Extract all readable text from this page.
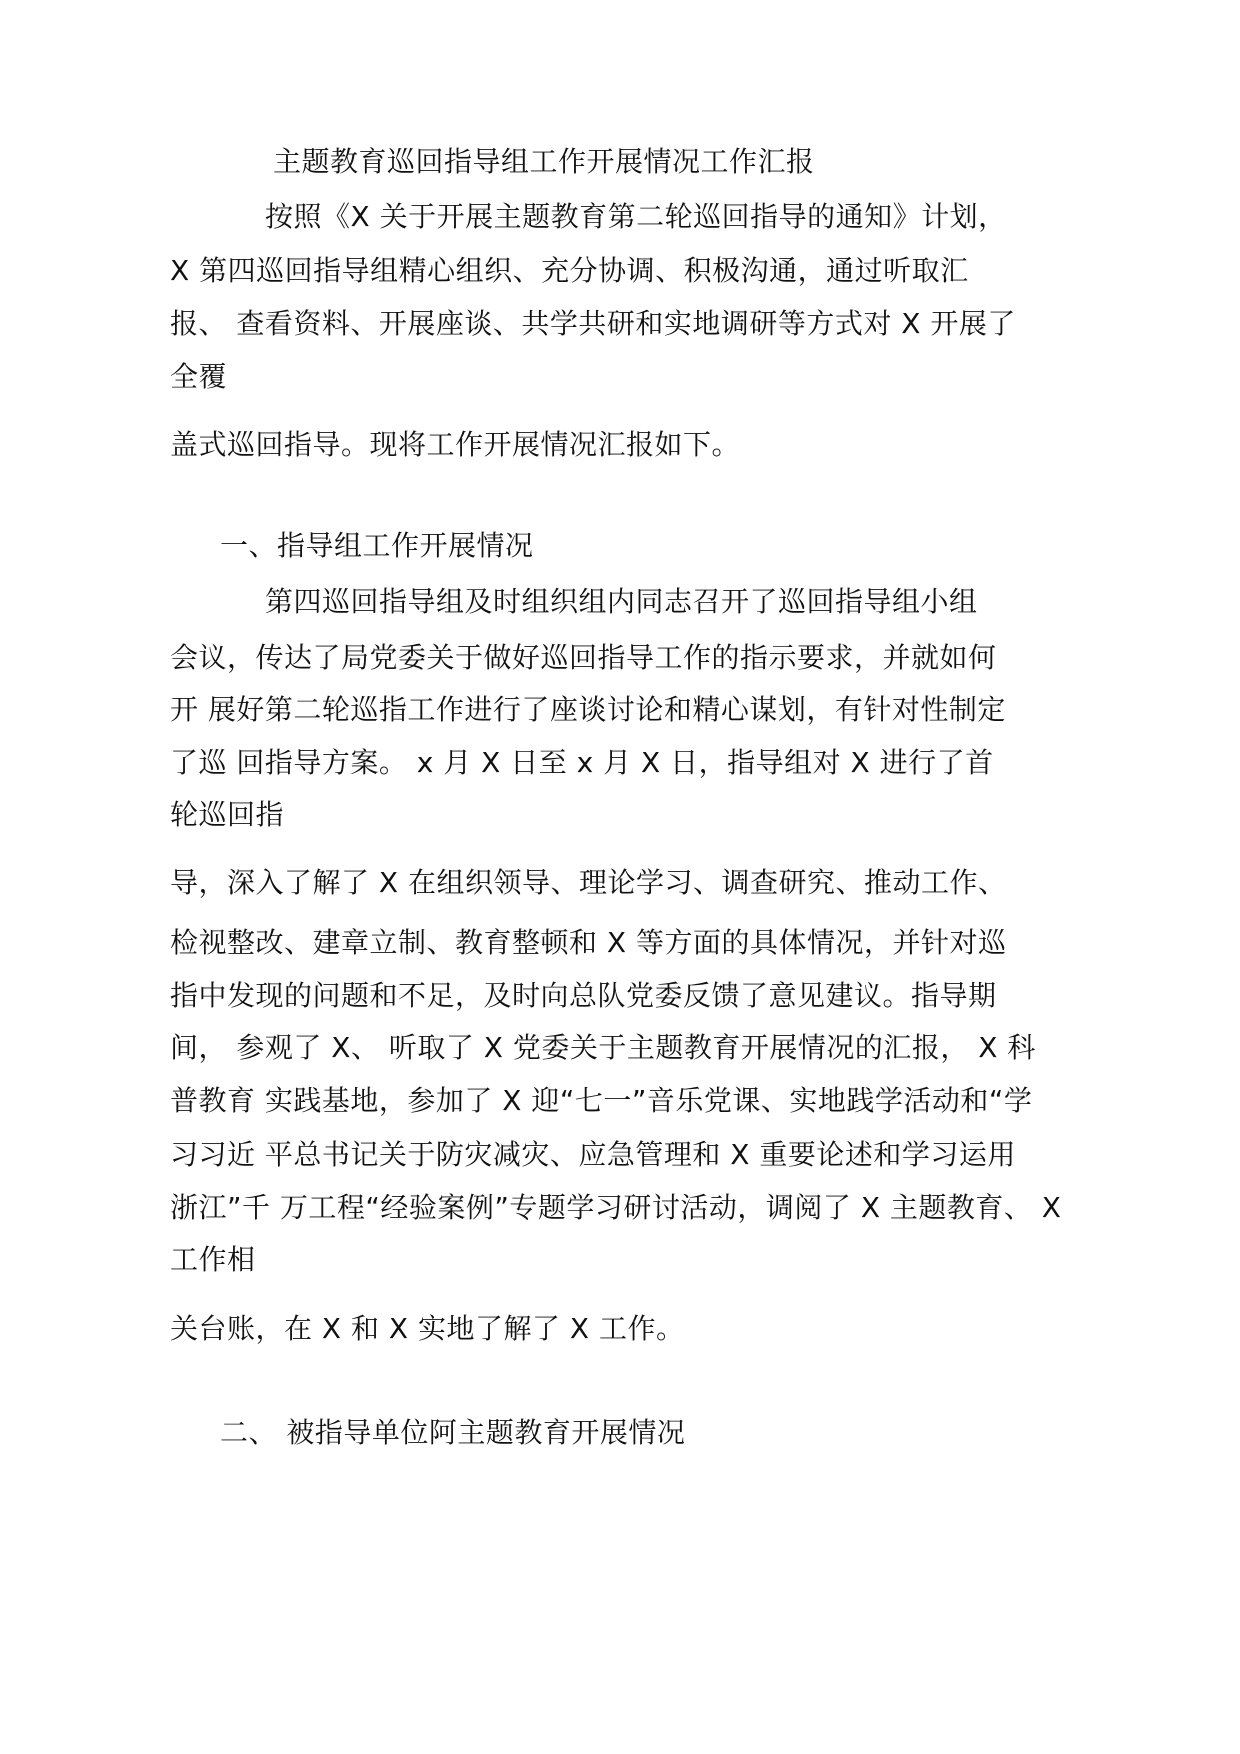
主题教育巡回指导组工作开展情况工作汇报
按照《X 关于开展主题教育第二轮巡回指导的通知》计划，
X 第四巡回指导组精心组织、充分协调、积极沟通，通过听取汇
报、 查看资料、开展座谈、共学共研和实地调研等方式对 X 开展了
全覆
盖式巡回指导。现将工作开展情况汇报如下。
一、指导组工作开展情况
第四巡回指导组及时组织组内同志召开了巡回指导组小组
会议，传达了局党委关于做好巡回指导工作的指示要求，并就如何
开 展好第二轮巡指工作进行了座谈讨论和精心谋划，有针对性制定
了巡 回指导方案。 x 月 X 日至 x 月 X 日，指导组对 X 进行了首
轮巡回指
导，深入了解了 X 在组织领导、理论学习、调查研究、推动工作、
检视整改、建章立制、教育整顿和 X 等方面的具体情况，并针对巡
指中发现的问题和不足，及时向总队党委反馈了意见建议。指导期
间， 参观了 X、 听取了 X 党委关于主题教育开展情况的汇报， X 科
普教育 实践基地，参加了 X 迎“七一”音乐党课、实地践学活动和“学
习习近 平总书记关于防灾减灾、应急管理和 X 重要论述和学习运用
浙江”千 万工程“经验案例”专题学习研讨活动，调阅了 X 主题教育、 X
工作相
关台账，在 X 和 X 实地了解了 X 工作。
二、 被指导单位阿主题教育开展情况
